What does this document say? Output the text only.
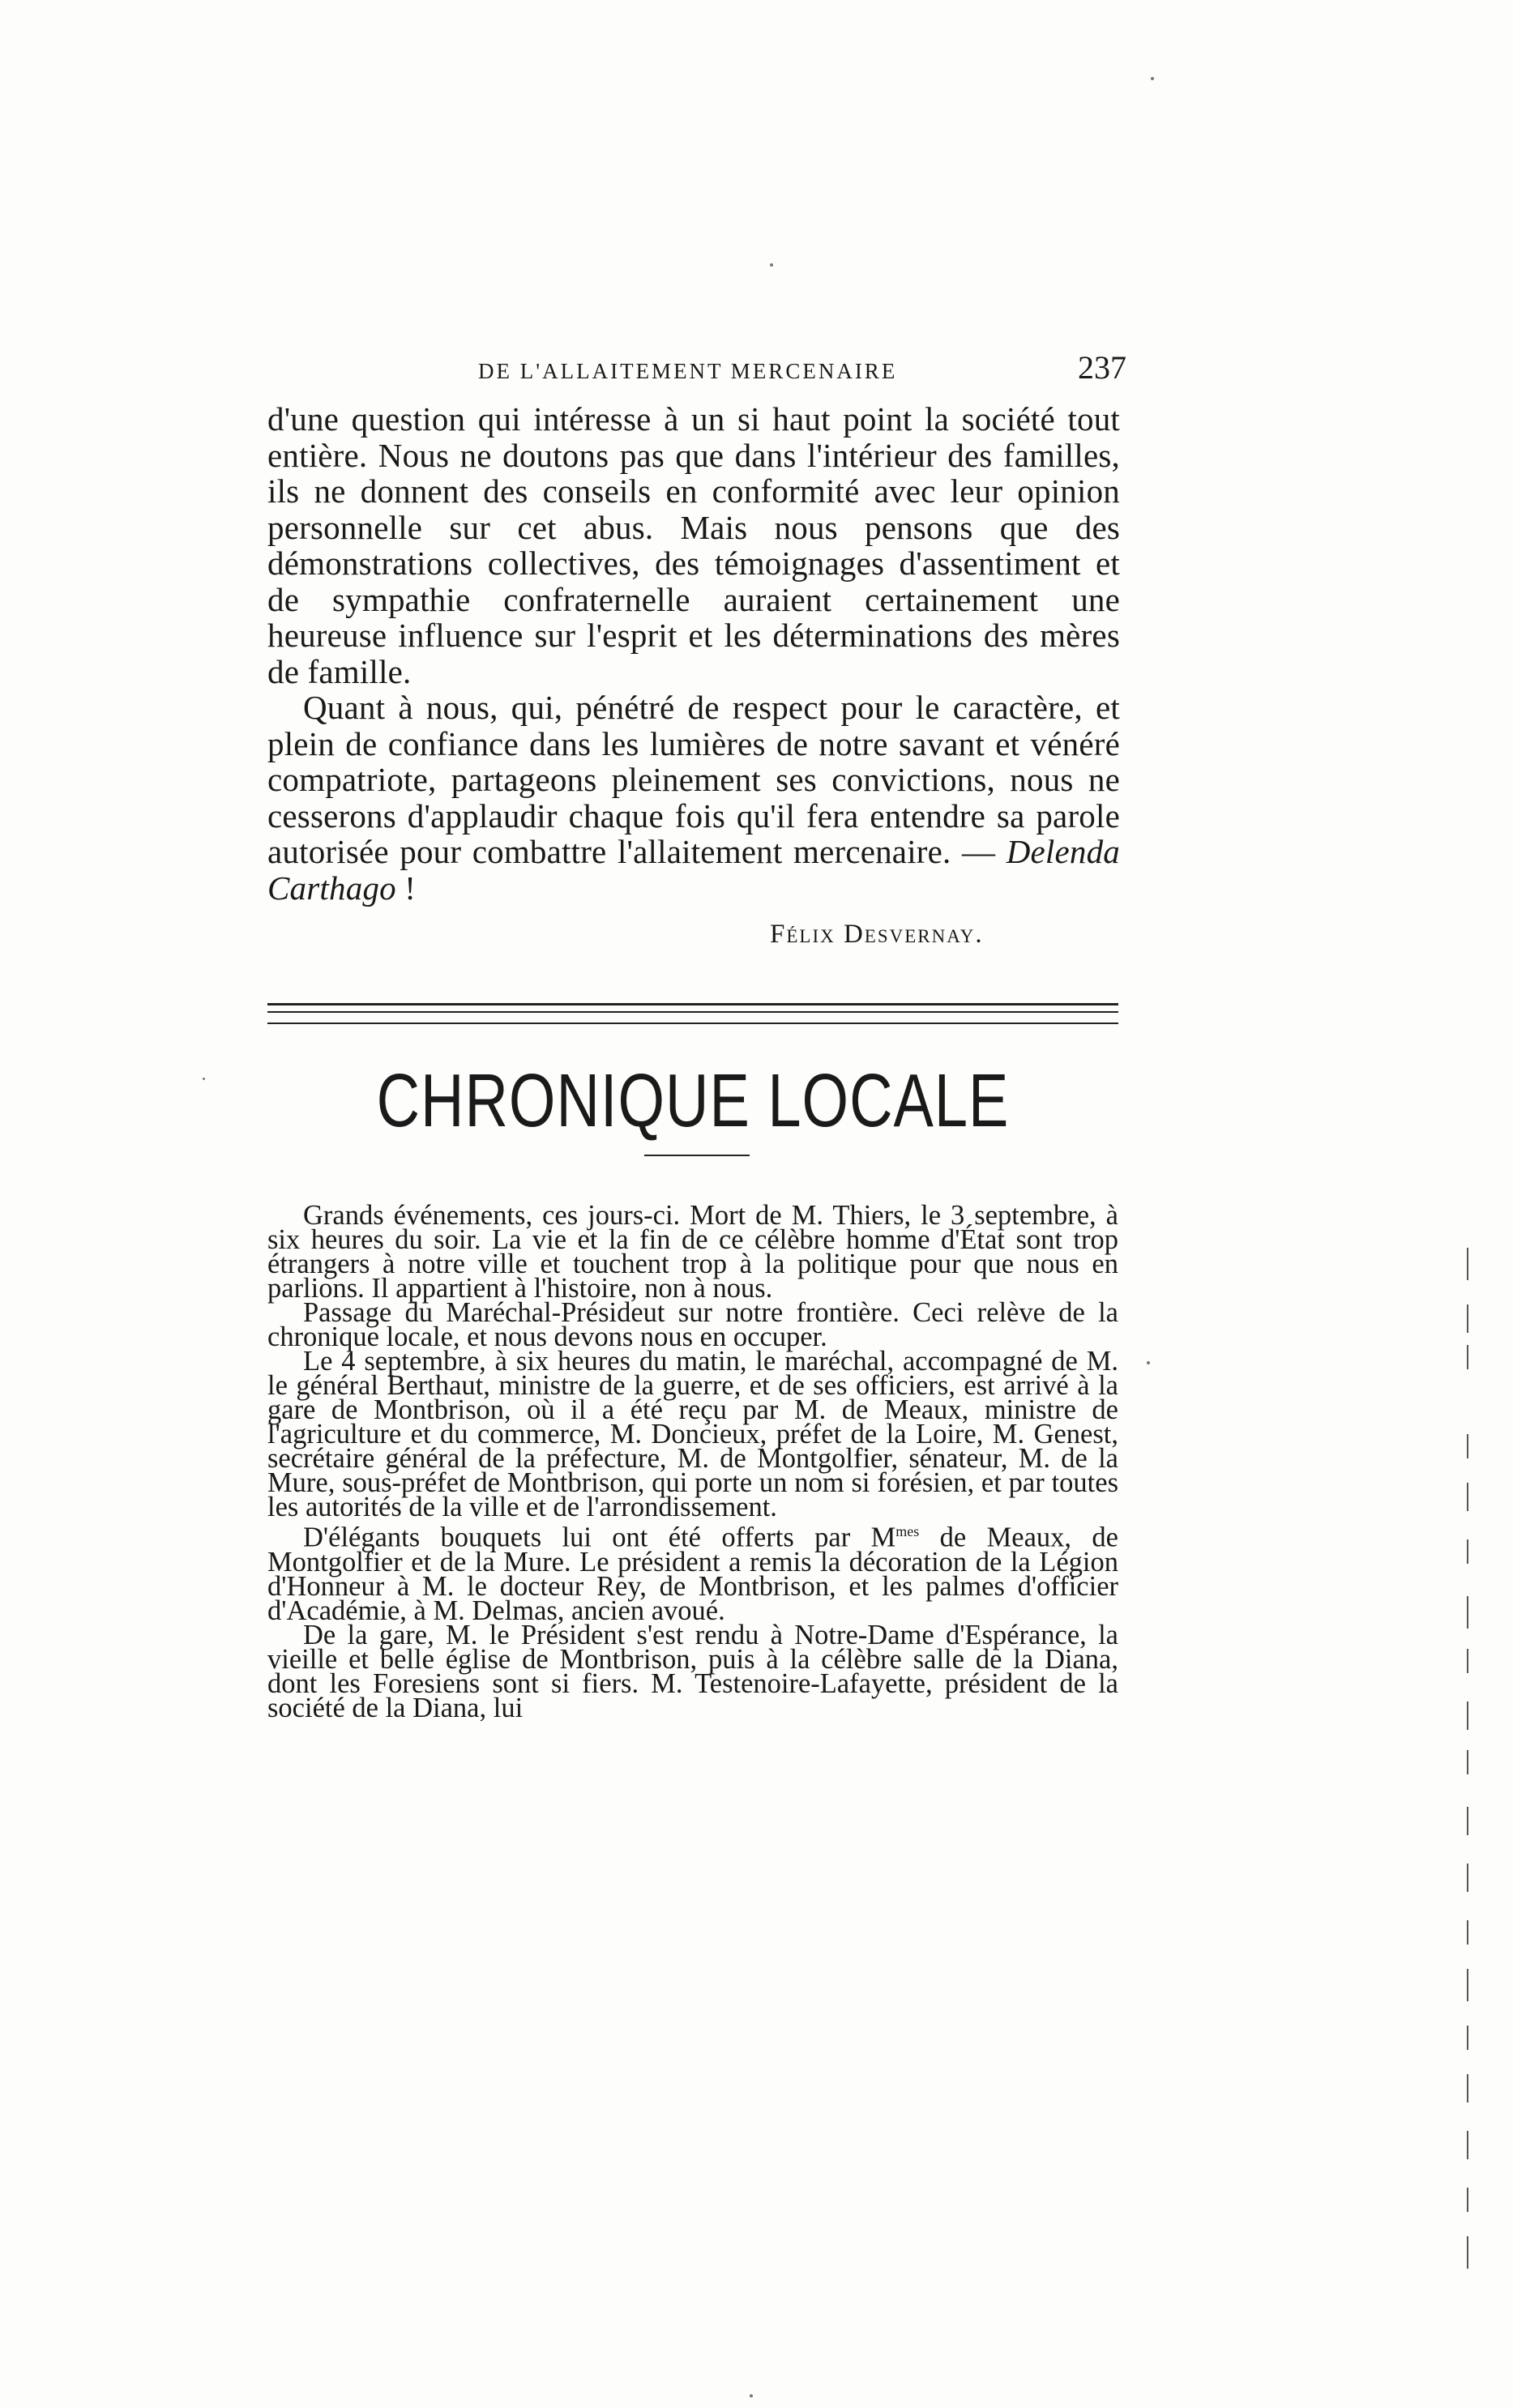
DE L'ALLAITEMENT MERCENAIRE	237

d'une question qui intéresse à un si haut point la société tout entière. Nous ne doutons pas que dans l'intérieur des familles, ils ne donnent des conseils en conformité avec leur opinion personnelle sur cet abus. Mais nous pensons que des démonstrations collectives, des témoignages d'assentiment et de sympathie confraternelle auraient certainement une heureuse influence sur l'esprit et les déterminations des mères de famille.

Quant à nous, qui, pénétré de respect pour le caractère, et plein de confiance dans les lumières de notre savant et vénéré compatriote, partageons pleinement ses convictions, nous ne cesserons d'applaudir chaque fois qu'il fera entendre sa parole autorisée pour combattre l'allaitement mercenaire. — Delenda Carthago !

Félix Desvernay.
CHRONIQUE LOCALE

Grands événements, ces jours-ci. Mort de M. Thiers, le 3 septembre, à six heures du soir. La vie et la fin de ce célèbre homme d'État sont trop étrangers à notre ville et touchent trop à la politique pour que nous en parlions. Il appartient à l'histoire, non à nous.

Passage du Maréchal-Présideut sur notre frontière. Ceci relève de la chronique locale, et nous devons nous en occuper.

Le 4 septembre, à six heures du matin, le maréchal, accompagné de M. le général Berthaut, ministre de la guerre, et de ses officiers, est arrivé à la gare de Montbrison, où il a été reçu par M. de Meaux, ministre de l'agriculture et du commerce, M. Doncieux, préfet de la Loire, M. Genest, secrétaire général de la préfecture, M. de Montgolfier, sénateur, M. de la Mure, sous-préfet de Montbrison, qui porte un nom si forésien, et par toutes les autorités de la ville et de l'arrondissement.

D'élégants bouquets lui ont été offerts par $M^{mes}$ de Meaux, de Montgolfier et de la Mure. Le président a remis la décoration de la Légion d'Honneur à M. le docteur Rey, de Montbrison, et les palmes d'officier d'Académie, à M. Delmas, ancien avoué.

De la gare, M. le Président s'est rendu à Notre-Dame d'Espérance, la vieille et belle église de Montbrison, puis à la célèbre salle de la Diana, dont les Foresiens sont si fiers. M. Testenoire-Lafayette, président de la société de la Diana, lui
